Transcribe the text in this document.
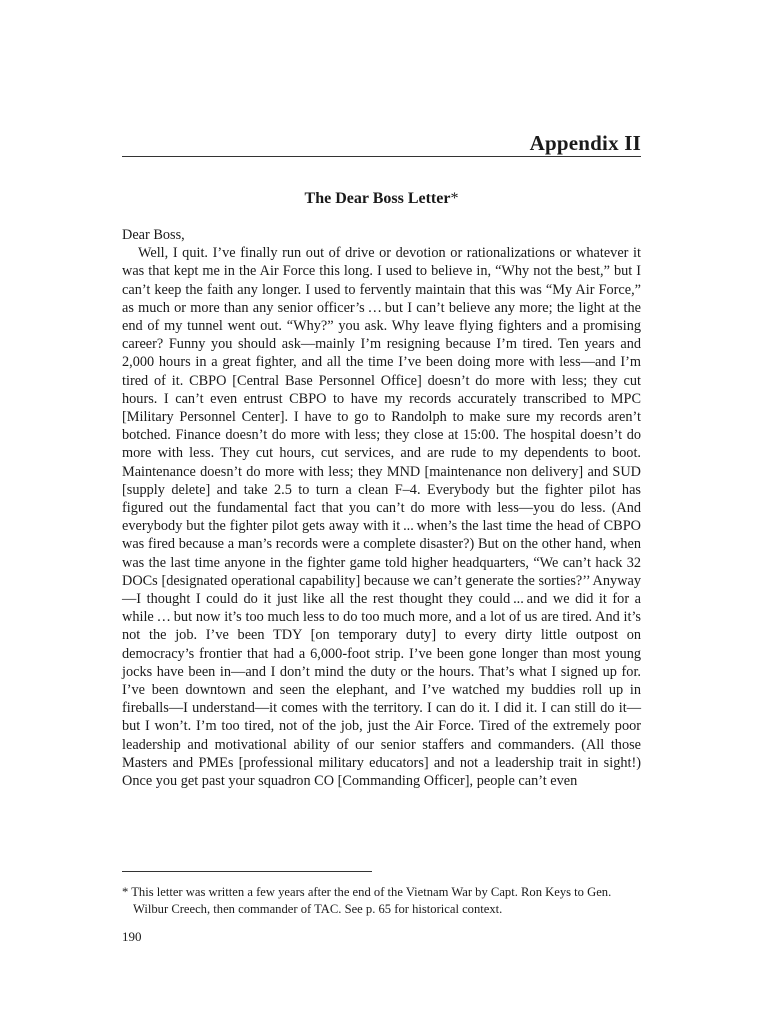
Appendix II
The Dear Boss Letter*

Dear Boss,

Well, I quit. I’ve finally run out of drive or devotion or rationalizations or whatever it was that kept me in the Air Force this long. I used to believe in, “Why not the best,” but I can’t keep the faith any longer. I used to fervently maintain that this was “My Air Force,” as much or more than any senior officer’s … but I can’t believe any more; the light at the end of my tunnel went out. “Why?” you ask. Why leave flying fighters and a promising career? Funny you should ask—mainly I’m resigning because I’m tired. Ten years and 2,000 hours in a great fighter, and all the time I’ve been doing more with less—and I’m tired of it. CBPO [Central Base Personnel Office] doesn’t do more with less; they cut hours. I can’t even entrust CBPO to have my records accurately transcribed to MPC [Military Personnel Center]. I have to go to Randolph to make sure my records aren’t botched. Finance doesn’t do more with less; they close at 15:00. The hospital doesn’t do more with less. They cut hours, cut services, and are rude to my dependents to boot. Maintenance doesn’t do more with less; they MND [maintenance non delivery] and SUD [supply delete] and take 2.5 to turn a clean F–4. Everybody but the fighter pilot has figured out the fundamental fact that you can’t do more with less—you do less. (And everybody but the fighter pilot gets away with it ... when’s the last time the head of CBPO was fired because a man’s records were a complete disaster?) But on the other hand, when was the last time anyone in the fighter game told higher headquarters, “We can’t hack 32 DOCs [designated operational capability] because we can’t generate the sorties?’’ Anyway—I thought I could do it just like all the rest thought they could ... and we did it for a while … but now it’s too much less to do too much more, and a lot of us are tired. And it’s not the job. I’ve been TDY [on temporary duty] to every dirty little outpost on democracy’s frontier that had a 6,000-foot strip. I’ve been gone longer than most young jocks have been in—and I don’t mind the duty or the hours. That’s what I signed up for. I’ve been downtown and seen the elephant, and I’ve watched my buddies roll up in fireballs—I understand—it comes with the territory. I can do it. I did it. I can still do it—but I won’t. I’m too tired, not of the job, just the Air Force. Tired of the extremely poor leadership and motivational ability of our senior staffers and commanders. (All those Masters and PMEs [professional military educators] and not a leadership trait in sight!) Once you get past your squadron CO [Commanding Officer], people can’t even

* This letter was written a few years after the end of the Vietnam War by Capt. Ron Keys to Gen. Wilbur Creech, then commander of TAC. See p. 65 for historical context.
190
